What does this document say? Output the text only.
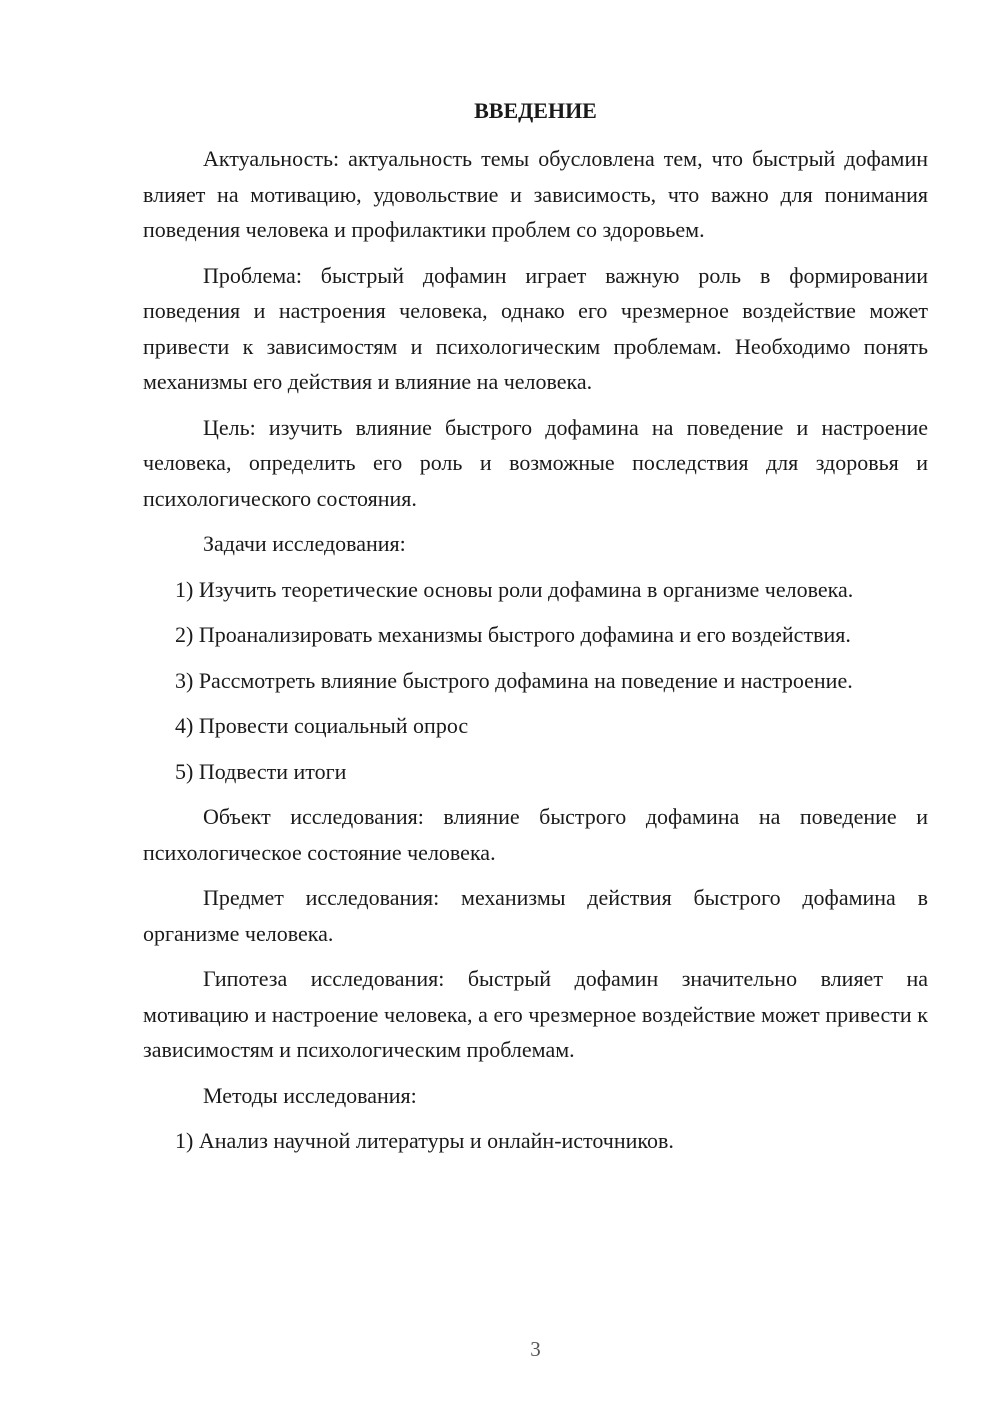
ВВЕДЕНИЕ

Актуальность: актуальность темы обусловлена тем, что быстрый дофамин влияет на мотивацию, удовольствие и зависимость, что важно для понимания поведения человека и профилактики проблем со здоровьем.

Проблема: быстрый дофамин играет важную роль в формировании поведения и настроения человека, однако его чрезмерное воздействие может привести к зависимостям и психологическим проблемам. Необходимо понять механизмы его действия и влияние на человека.

Цель: изучить влияние быстрого дофамина на поведение и настроение человека, определить его роль и возможные последствия для здоровья и психологического состояния.

Задачи исследования:

1) Изучить теоретические основы роли дофамина в организме человека.

2) Проанализировать механизмы быстрого дофамина и его воздействия.

3) Рассмотреть влияние быстрого дофамина на поведение и настроение.

4) Провести социальный опрос

5) Подвести итоги

Объект исследования: влияние быстрого дофамина на поведение и психологическое состояние человека.

Предмет исследования: механизмы действия быстрого дофамина в организме человека.

Гипотеза исследования: быстрый дофамин значительно влияет на мотивацию и настроение человека, а его чрезмерное воздействие может привести к зависимостям и психологическим проблемам.

Методы исследования:

1) Анализ научной литературы и онлайн-источников.

3
